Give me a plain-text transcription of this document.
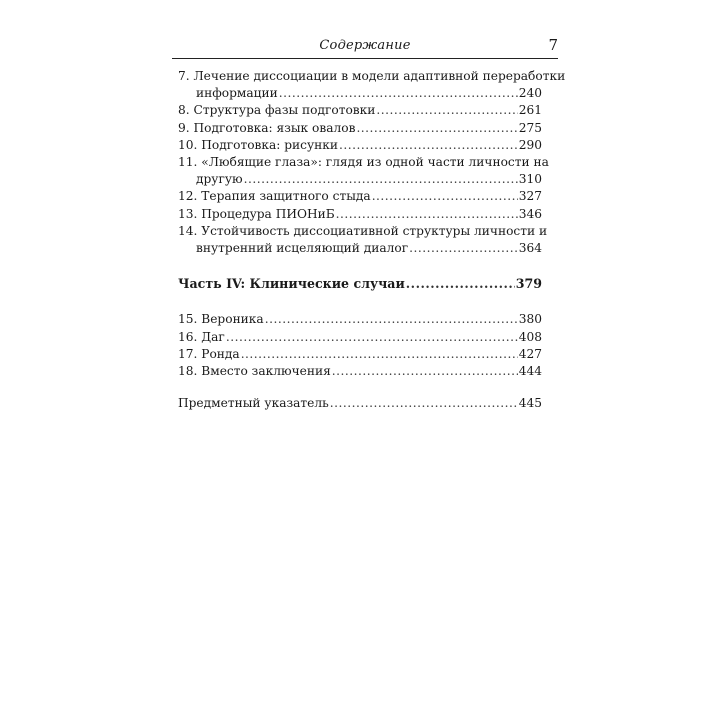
Содержание	7
7. Лечение диссоциации в модели адаптивной переработки
информации .....	240
8. Структура фазы подготовки .....	261
9. Подготовка: язык овалов .....	275
10. Подготовка: рисунки .....	290
11. «Любящие глаза»: глядя из одной части личности на
другую .....	310
12. Терапия защитного стыда .....	327
13. Процедура ПИОНиБ .....	346
14. Устойчивость диссоциативной структуры личности и
внутренний исцеляющий диалог .....	364
Часть IV: Клинические случаи .....	379
15. Вероника .....	380
16. Даг .....	408
17. Ронда .....	427
18. Вместо заключения .....	444
Предметный указатель .....	445
